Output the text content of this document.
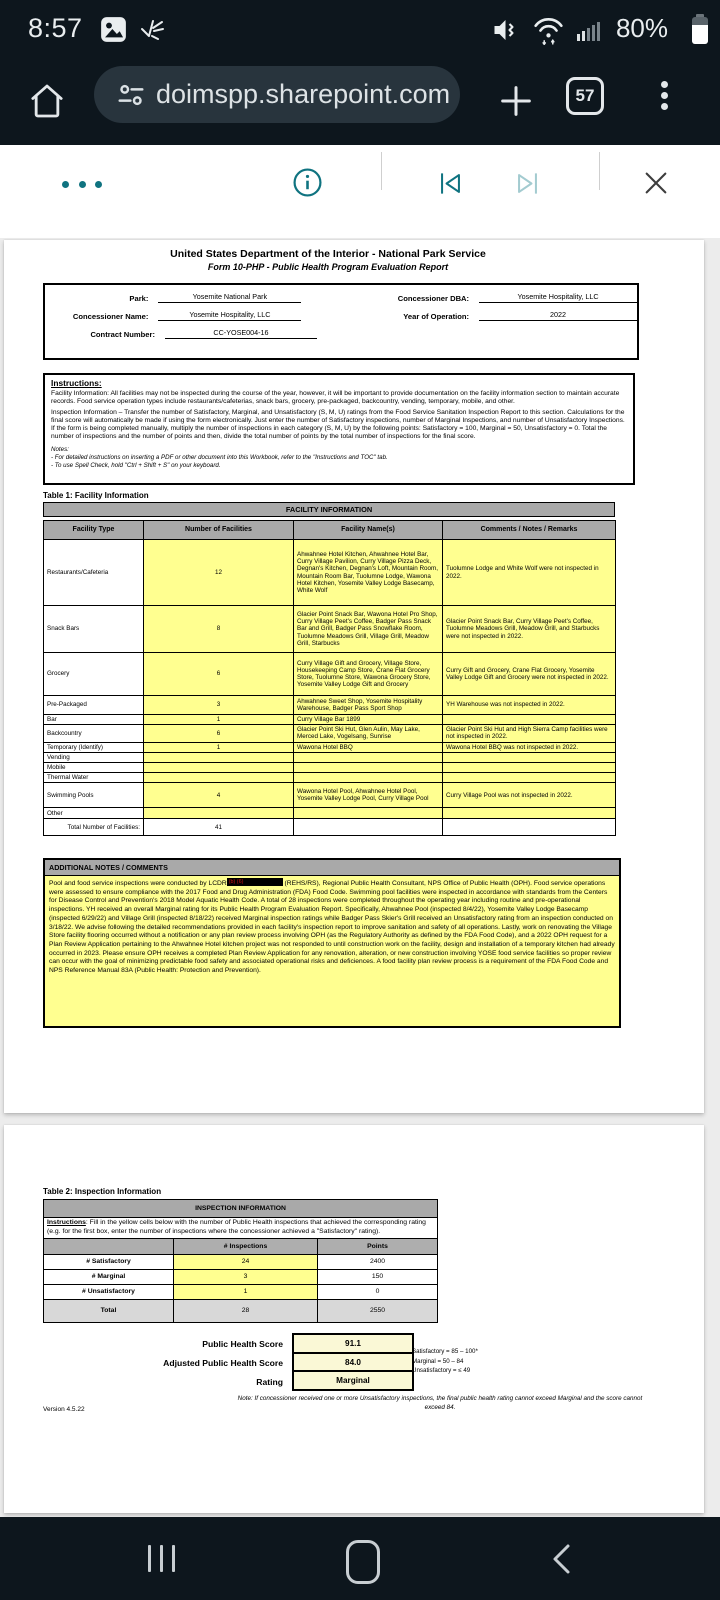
8:57	80%
doimspp.sharepoint.com	57
United States Department of the Interior - National Park Service
Form 10-PHP - Public Health Program Evaluation Report
Park:	Yosemite National Park	Concessioner DBA:	Yosemite Hospitality, LLC
Concessioner Name:	Yosemite Hospitality, LLC	Year of Operation:	2022
Contract Number:	CC-YOSE004-16
Instructions:
Facility Information: All facilities may not be inspected during the course of the year, however, it will be important to provide documentation on the facility information section to maintain accurate records. Food service operation types include restaurants/cafeterias, snack bars, grocery, pre-packaged, backcountry, vending, temporary, mobile, and other.
Inspection Information – Transfer the number of Satisfactory, Marginal, and Unsatisfactory (S, M, U) ratings from the Food Service Sanitation Inspection Report to this section. Calculations for the final score will automatically be made if using the form electronically. Just enter the number of Satisfactory inspections, number of Marginal Inspections, and number of Unsatisfactory Inspections. If the form is being completed manually, multiply the number of inspections in each category (S, M, U) by the following points: Satisfactory = 100, Marginal = 50, Unsatisfactory = 0. Total the number of inspections and the number of points and then, divide the total number of points by the total number of inspections for the final score.
Notes:
- For detailed instructions on inserting a PDF or other document into this Workbook, refer to the "Instructions and TOC" tab.
- To use Spell Check, hold "Ctrl + Shift + S" on your keyboard.
Table 1: Facility Information
FACILITY INFORMATION
Facility Type	Number of Facilities	Facility Name(s)	Comments / Notes / Remarks
Restaurants/Cafeteria	12	Ahwahnee Hotel Kitchen, Ahwahnee Hotel Bar, Curry Village Pavilion, Curry Village Pizza Deck, Degnan's Kitchen, Degnan's Loft, Mountain Room, Mountain Room Bar, Tuolumne Lodge, Wawona Hotel Kitchen, Yosemite Valley Lodge Basecamp, White Wolf	Tuolumne Lodge and White Wolf were not inspected in 2022.
Snack Bars	8	Glacier Point Snack Bar, Wawona Hotel Pro Shop, Curry Village Peet's Coffee, Badger Pass Snack Bar and Grill, Badger Pass Snowflake Room, Tuolumne Meadows Grill, Village Grill, Meadow Grill, Starbucks	Glacier Point Snack Bar, Curry Village Peet's Coffee, Tuolumne Meadows Grill, Meadow Grill, and Starbucks were not inspected in 2022.
Grocery	6	Curry Village Gift and Grocery, Village Store, Housekeeping Camp Store, Crane Flat Grocery Store, Tuolumne Store, Wawona Grocery Store, Yosemite Valley Lodge Gift and Grocery	Curry Gift and Grocery, Crane Flat Grocery, Yosemite Valley Lodge Gift and Grocery were not inspected in 2022.
Pre-Packaged	3	Ahwahnee Sweet Shop, Yosemite Hospitality Warehouse, Badger Pass Sport Shop	YH Warehouse was not inspected in 2022.
Bar	1	Curry Village Bar 1899	
Backcountry	6	Glacier Point Ski Hut, Glen Aulin, May Lake, Merced Lake, Vogelsang, Sunrise	Glacier Point Ski Hut and High Sierra Camp facilities were not inspected in 2022.
Temporary (Identify)	1	Wawona Hotel BBQ	Wawona Hotel BBQ was not inspected in 2022.
Vending			
Mobile			
Thermal Water			
Swimming Pools	4	Wawona Hotel Pool, Ahwahnee Hotel Pool, Yosemite Valley Lodge Pool, Curry Village Pool	Curry Village Pool was not inspected in 2022.
Other			
Total Number of Facilities:	41		
ADDITIONAL NOTES / COMMENTS
Pool and food service inspections were conducted by LCDR (b) (6)	(REHS/RS), Regional Public Health Consultant, NPS Office of Public Health (OPH). Food service operations were assessed to ensure compliance with the 2017 Food and Drug Administration (FDA) Food Code. Swimming pool facilities were inspected in accordance with standards from the Centers for Disease Control and Prevention's 2018 Model Aquatic Health Code. A total of 28 inspections were completed throughout the operating year including routine and pre-operational inspections. YH received an overall Marginal rating for its Public Health Program Evaluation Report. Specifically, Ahwahnee Pool (inspected 8/4/22), Yosemite Valley Lodge Basecamp (inspected 6/29/22) and Village Grill (inspected 8/18/22) received Marginal inspection ratings while Badger Pass Skier's Grill received an Unsatisfactory rating from an inspection conducted on 3/18/22. We advise following the detailed recommendations provided in each facility's inspection report to improve sanitation and safety of all operations. Lastly, work on renovating the Village Store facility flooring occurred without a notification or any plan review process involving OPH (as the Regulatory Authority as defined by the FDA Food Code), and a 2022 OPH request for a Plan Review Application pertaining to the Ahwahnee Hotel kitchen project was not responded to until construction work on the facility, design and installation of a temporary kitchen had already occurred in 2023. Please ensure OPH receives a completed Plan Review Application for any renovation, alteration, or new construction involving YOSE food service facilities so proper review can occur with the goal of minimizing predictable food safety and associated operational risks and deficiences. A food facility plan review process is a requirement of the FDA Food Code and NPS Reference Manual 83A (Public Health: Protection and Prevention).
Table 2: Inspection Information
INSPECTION INFORMATION		
Instructions: Fill in the yellow cells below with the number of Public Health inspections that achieved the corresponding rating (e.g. for the first box, enter the number of inspections where the concessioner achieved a "Satisfactory" rating).		
	# Inspections	Points
# Satisfactory	24	2400
# Marginal	3	150
# Unsatisfactory	1	0
Total	28	2550
Public Health Score	91.1
Adjusted Public Health Score	84.0
Rating	Marginal
Satisfactory = 85 – 100*
Marginal = 50 – 84
Unsatisfactory = ≤ 49
Note: If concessioner received one or more Unsatisfactory inspections, the final public health rating cannot exceed Marginal and the score cannot exceed 84.
Version 4.5.22
